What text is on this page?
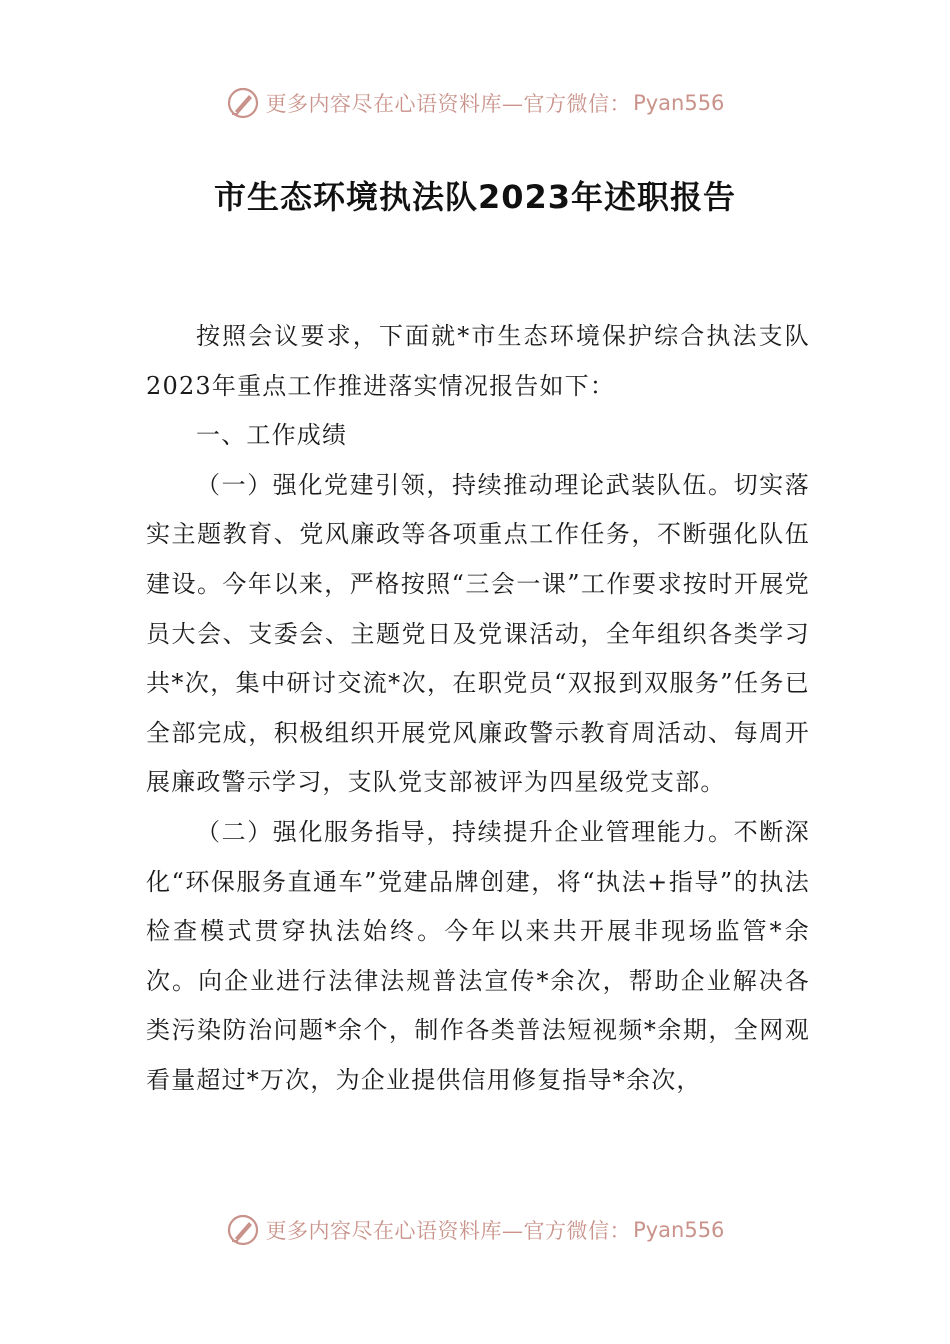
更多内容尽在心语资料库—官方微信： Pyan556
市生态环境执法队2023年述职报告

按照会议要求，下面就*市生态环境保护综合执法支队2023年重点工作推进落实情况报告如下：

一、工作成绩

（一）强化党建引领，持续推动理论武装队伍。切实落实主题教育、党风廉政等各项重点工作任务，不断强化队伍建设。今年以来，严格按照“三会一课”工作要求按时开展党员大会、支委会、主题党日及党课活动，全年组织各类学习共*次，集中研讨交流*次，在职党员“双报到双服务”任务已全部完成，积极组织开展党风廉政警示教育周活动、每周开展廉政警示学习，支队党支部被评为四星级党支部。

（二）强化服务指导，持续提升企业管理能力。不断深化“环保服务直通车”党建品牌创建，将“执法+指导”的执法检查模式贯穿执法始终。今年以来共开展非现场监管*余次。向企业进行法律法规普法宣传*余次，帮助企业解决各类污染防治问题*余个，制作各类普法短视频*余期，全网观看量超过*万次，为企业提供信用修复指导*余次，

更多内容尽在心语资料库—官方微信： Pyan556
